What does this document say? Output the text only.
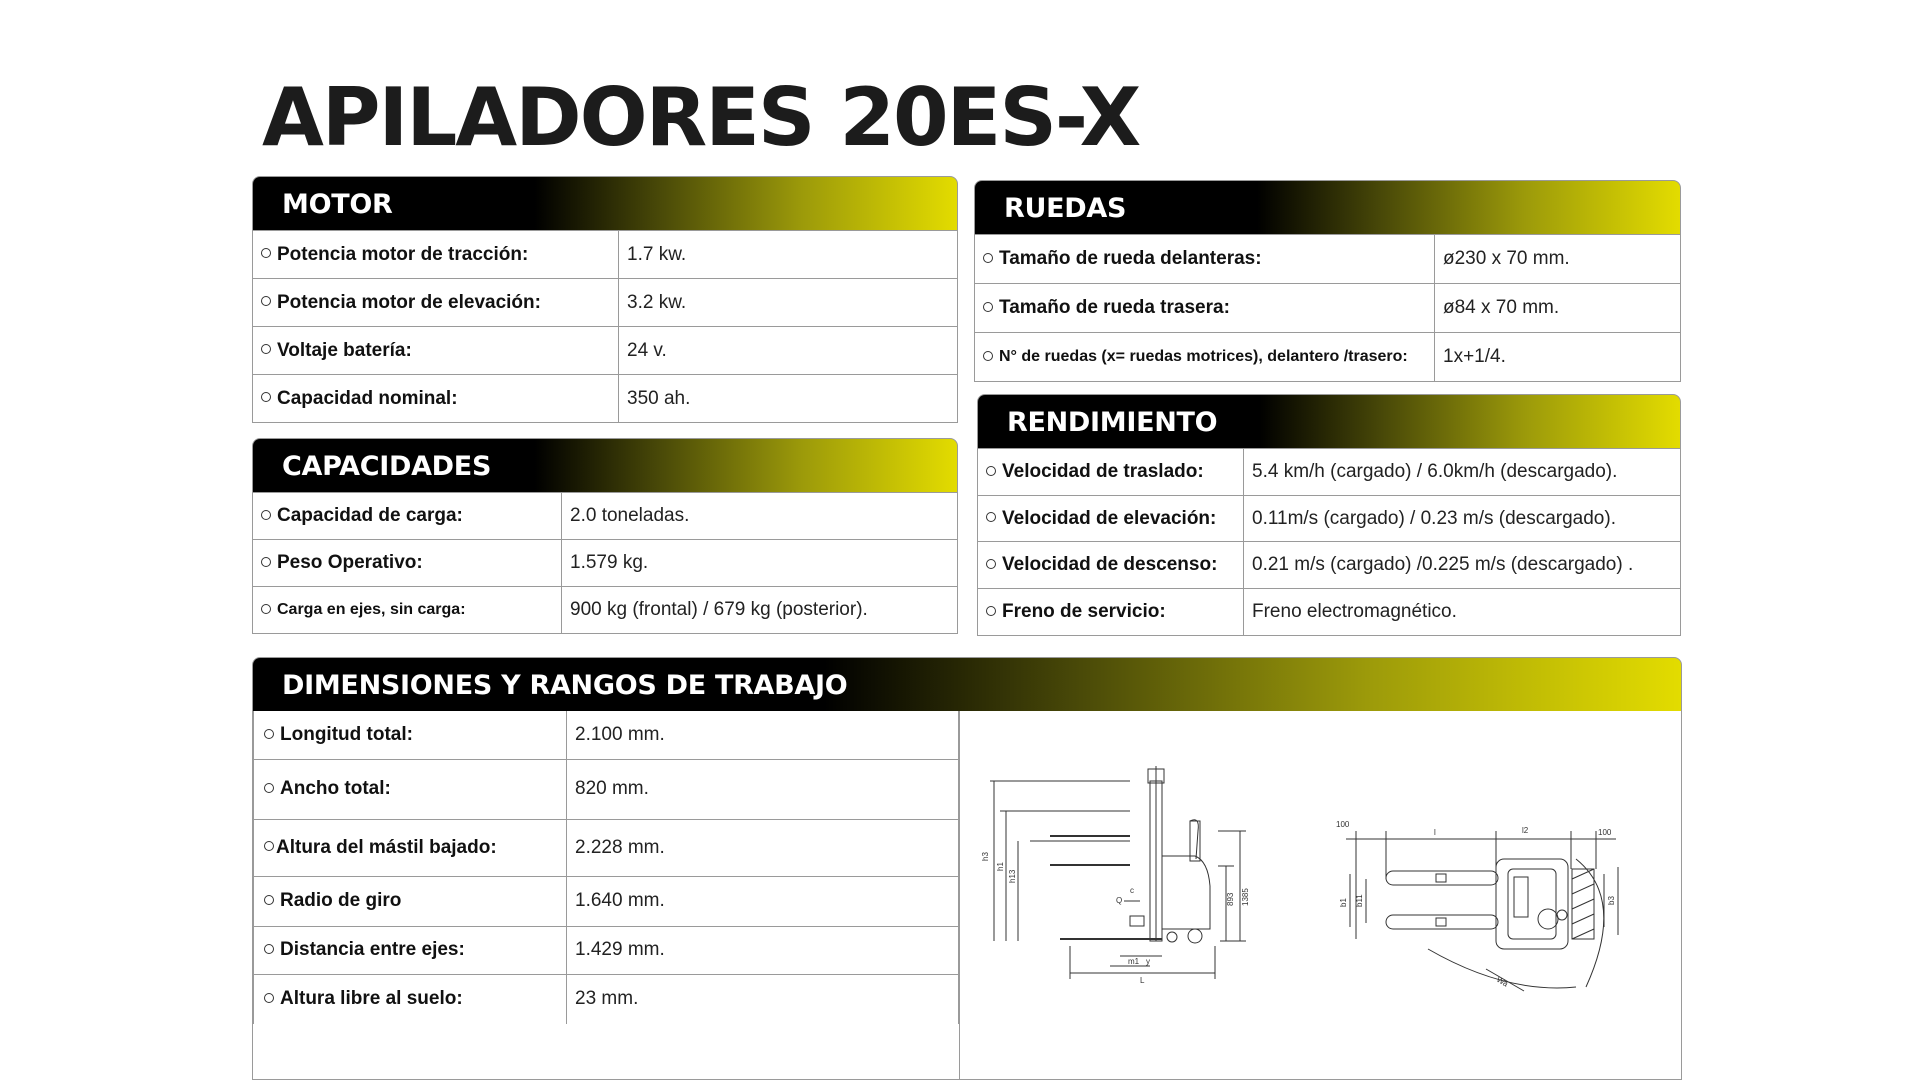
APILADORES 20ES-X
MOTOR
Potencia motor de tracción:	1.7 kw.
Potencia motor de elevación:	3.2 kw.
Voltaje batería:	24 v.
Capacidad nominal:	350 ah.
CAPACIDADES
Capacidad de carga:	2.0 toneladas.
Peso Operativo:	1.579 kg.
Carga en ejes, sin carga:	900 kg (frontal) / 679 kg (posterior).
RUEDAS
Tamaño de rueda delanteras:	ø230 x 70 mm.
Tamaño de rueda trasera:	ø84 x 70 mm.
N° de ruedas (x= ruedas motrices), delantero /trasero:	1x+1/4.
RENDIMIENTO
Velocidad de traslado:	5.4 km/h (cargado) / 6.0km/h (descargado).
Velocidad de elevación:	0.11m/s (cargado) / 0.23 m/s (descargado).
Velocidad de descenso:	0.21 m/s (cargado) /0.225 m/s (descargado) .
Freno de servicio:	Freno electromagnético.
DIMENSIONES Y RANGOS DE TRABAJO
Longitud total:	2.100 mm.
Ancho total:	820 mm.
Altura del mástil bajado:	2.228 mm.
Radio de giro	1.640 mm.
Distancia entre ejes:	1.429 mm.
Altura libre al suelo:	23 mm.
h3
h1
h13
893 1385
m1 y
L
Q
c
100
l	l2	100
b1 b11	b3
Wa
